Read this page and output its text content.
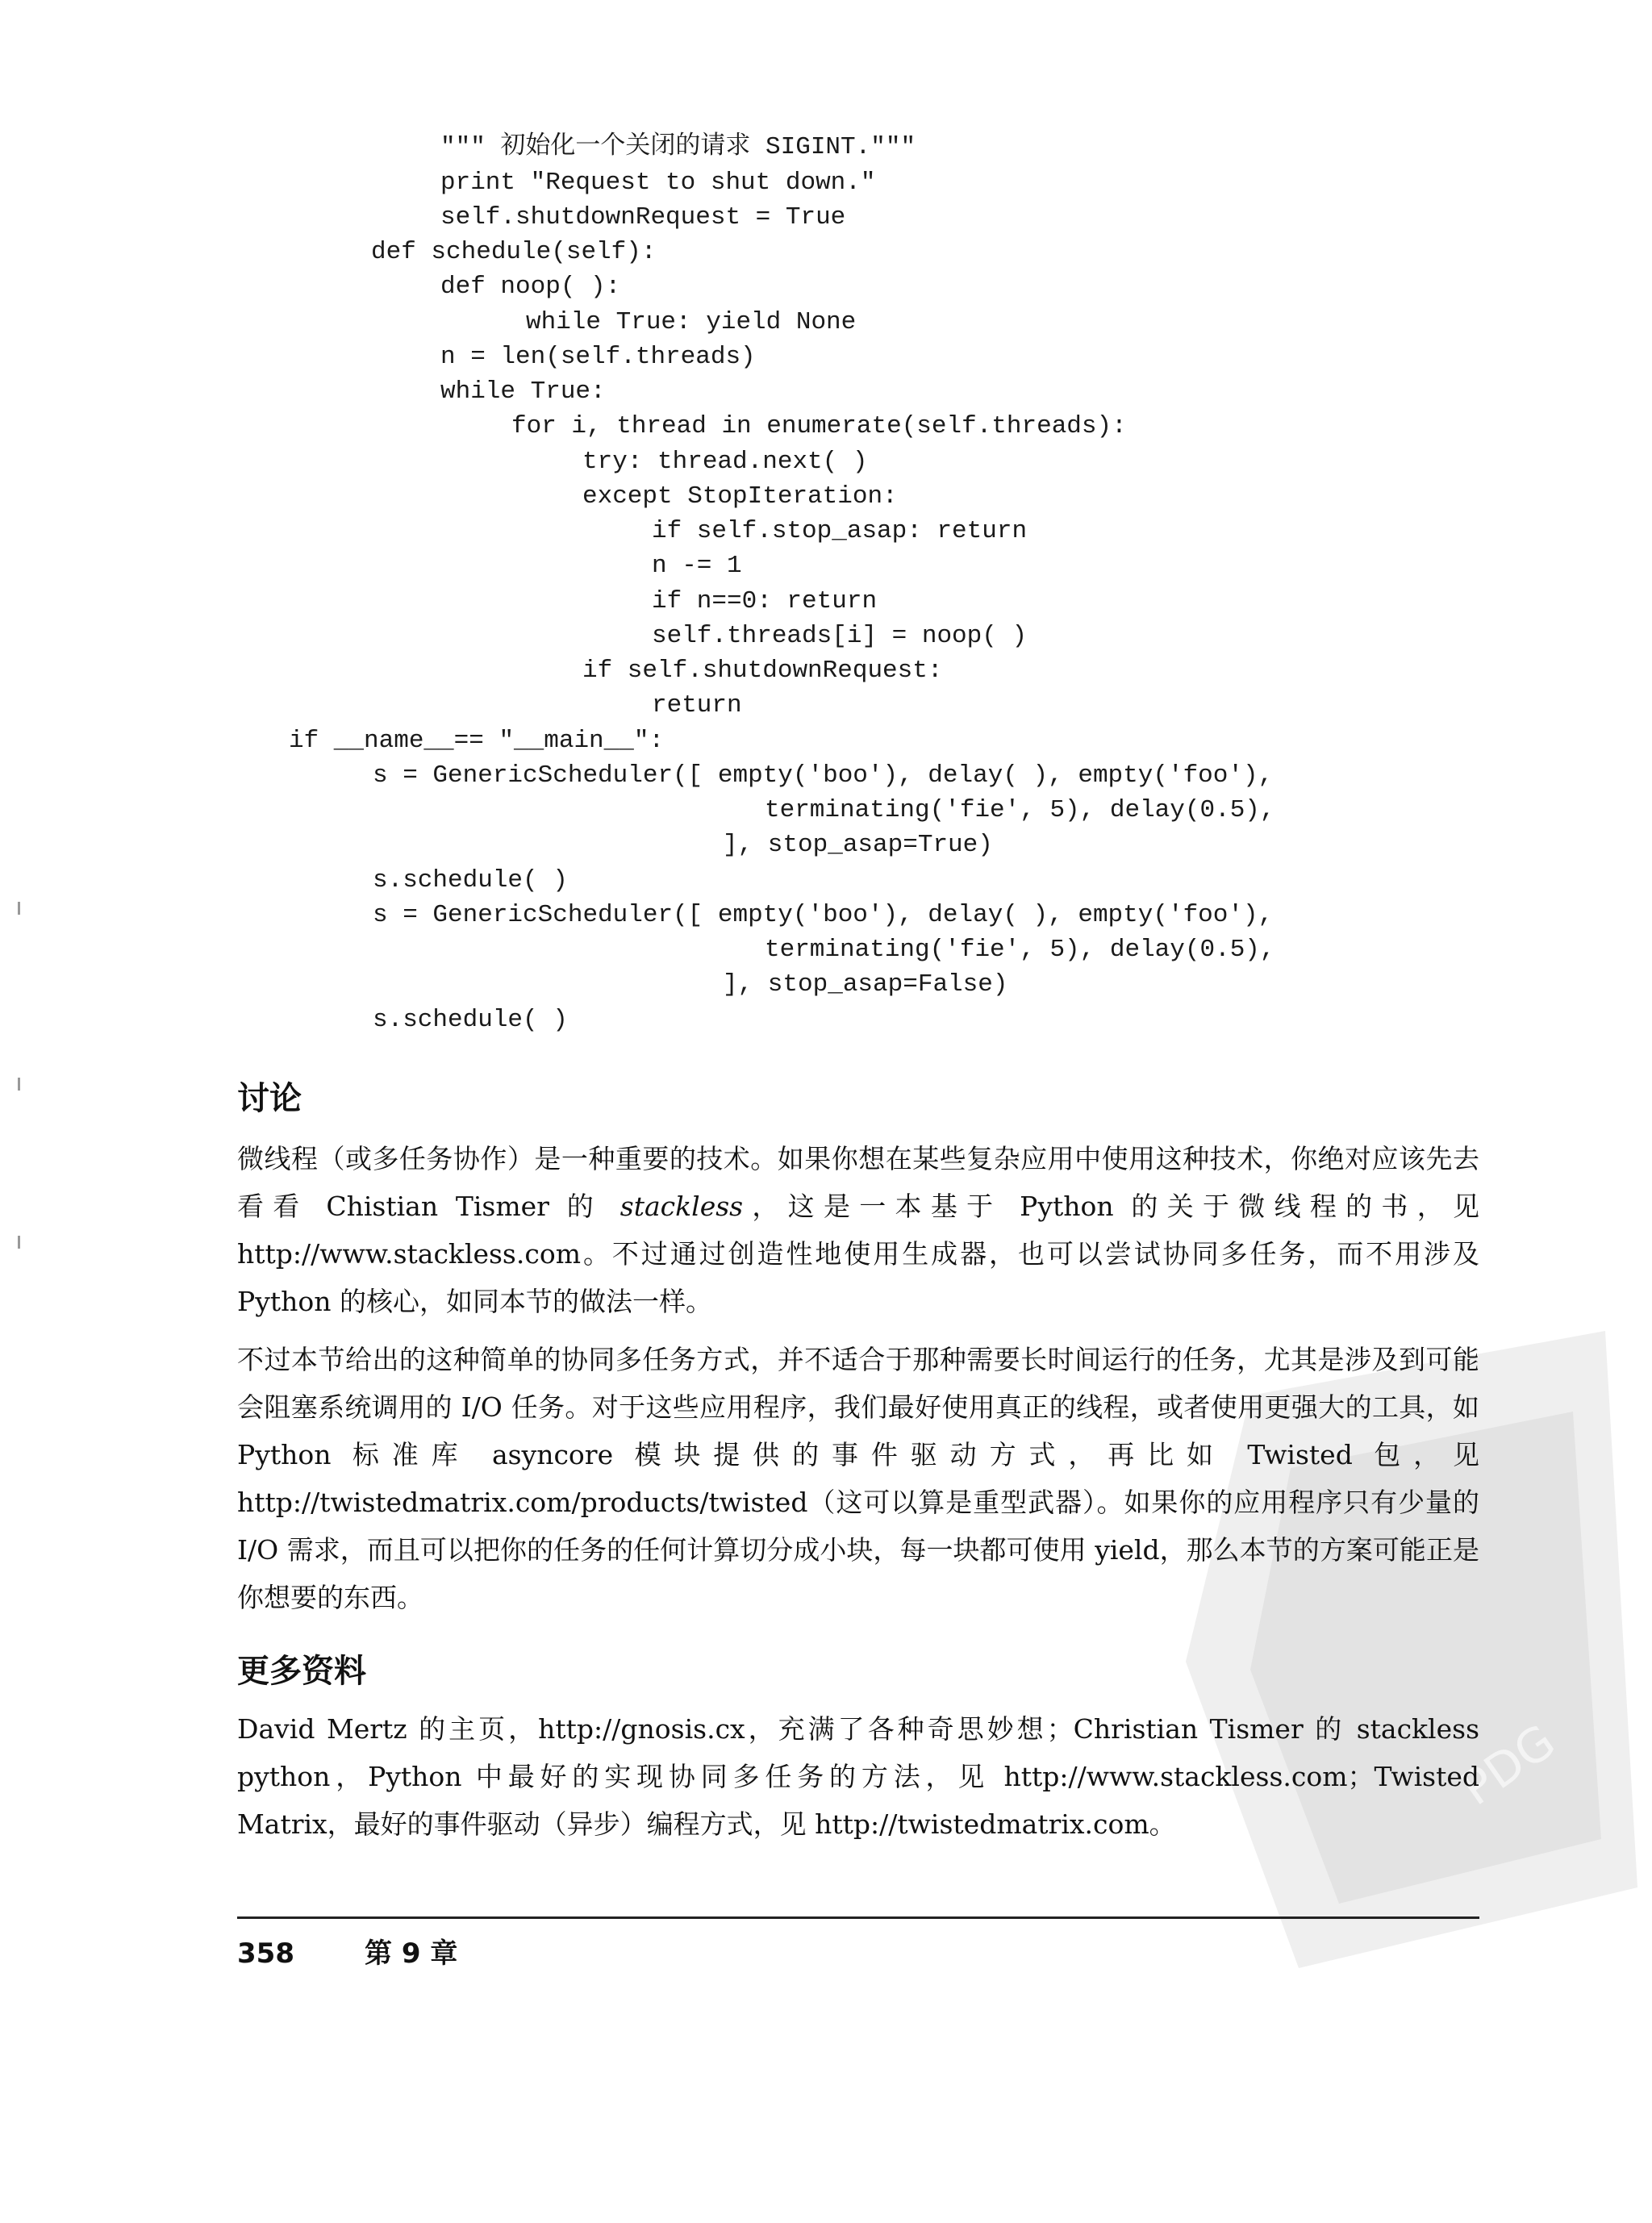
PDG
""" 初始化一个关闭的请求 SIGINT."""
print "Request to shut down."
self.shutdownRequest = True
def schedule(self):
def noop( ):
while True: yield None
n = len(self.threads)
while True:
for i, thread in enumerate(self.threads):
try: thread.next( )
except StopIteration:
if self.stop_asap: return
n -= 1
if n==0: return
self.threads[i] = noop( )
if self.shutdownRequest:
return
if __name__== "__main__":
s = GenericScheduler([ empty('boo'), delay( ), empty('foo'),
terminating('fie', 5), delay(0.5),
], stop_asap=True)
s.schedule( )
s = GenericScheduler([ empty('boo'), delay( ), empty('foo'),
terminating('fie', 5), delay(0.5),
], stop_asap=False)
s.schedule( )
讨论

微线程（或多任务协作）是一种重要的技术。如果你想在某些复杂应用中使用这种技术，你绝对应该先去看看 Chistian Tismer 的 stackless，这是一本基于 Python 的关于微线程的书，见 http://www.stackless.com。不过通过创造性地使用生成器，也可以尝试协同多任务，而不用涉及 Python 的核心，如同本节的做法一样。

不过本节给出的这种简单的协同多任务方式，并不适合于那种需要长时间运行的任务，尤其是涉及到可能会阻塞系统调用的 I/O 任务。对于这些应用程序，我们最好使用真正的线程，或者使用更强大的工具，如 Python 标准库 asyncore 模块提供的事件驱动方式，再比如 Twisted 包，见 http://twistedmatrix.com/products/twisted（这可以算是重型武器）。如果你的应用程序只有少量的 I/O 需求，而且可以把你的任务的任何计算切分成小块，每一块都可使用 yield，那么本节的方案可能正是你想要的东西。

更多资料

David Mertz 的主页，http://gnosis.cx，充满了各种奇思妙想；Christian Tismer 的 stackless python，Python 中最好的实现协同多任务的方法，见 http://www.stackless.com；Twisted Matrix，最好的事件驱动（异步）编程方式，见 http://twistedmatrix.com。

358	第 9 章
